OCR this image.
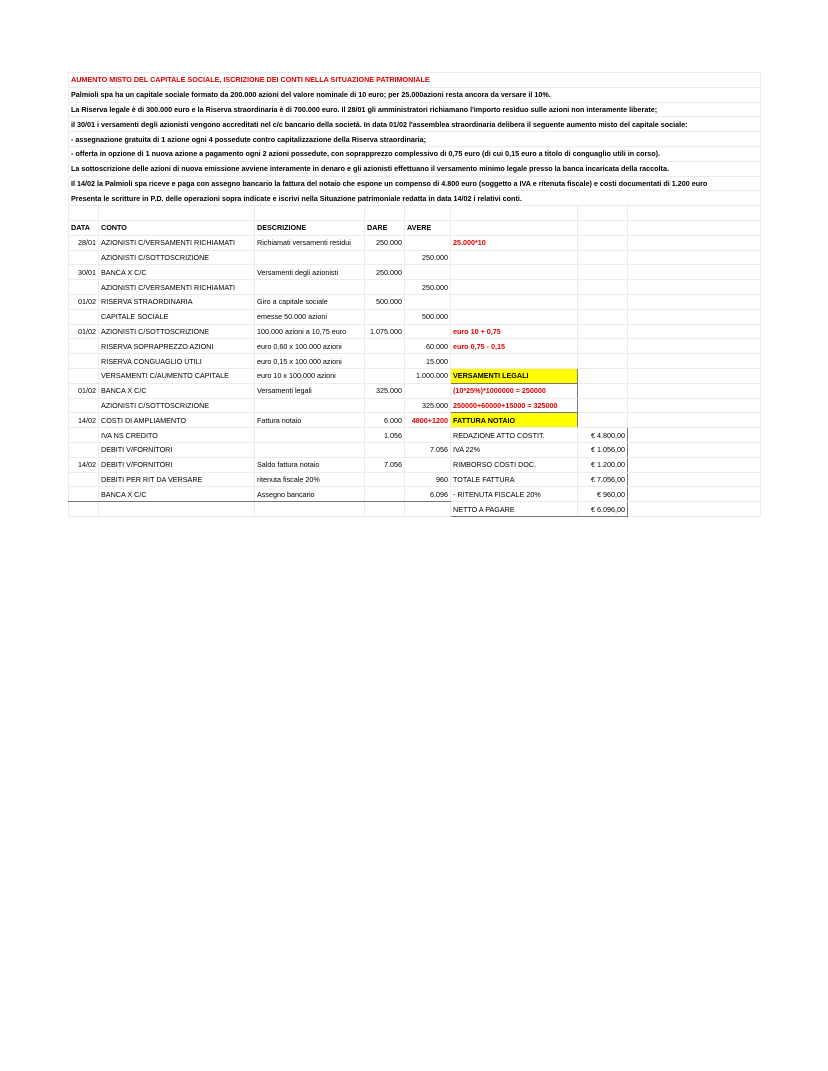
AUMENTO MISTO DEL CAPITALE SOCIALE, ISCRIZIONE DEI CONTI NELLA SITUAZIONE PATRIMONIALE							
Palmioli spa ha un capitale sociale formato da 200.000 azioni del valore nominale di 10 euro; per 25.000azioni resta ancora da versare il 10%.							
La Riserva legale è di 300.000 euro e la Riserva straordinaria è di 700.000 euro. Il 28/01 gli amministratori richiamano l'importo residuo sulle azioni non interamente liberate;							
il 30/01 i versamenti degli azionisti vengono accreditati nel c/c bancario della società. In data 01/02 l'assemblea straordinaria delibera il seguente aumento misto del capitale sociale:							
- assegnazione gratuita di 1 azione ogni 4 possedute contro capitalizzazione della Riserva straordinaria;							
- offerta in opzione di 1 nuova azione a pagamento ogni 2 azioni possedute, con soprapprezzo complessivo di 0,75 euro (di cui 0,15 euro a titolo di conguaglio utili in corso).							
La sottoscrizione delle azioni di nuova emissione avviene interamente in denaro e gli azionisti effettuano il versamento minimo legale presso la banca incaricata della raccolta.							
Il 14/02 la Palmioli spa riceve e paga con assegno bancario la fattura del notaio che espone un compenso di 4.800 euro (soggetto a IVA e ritenuta fiscale) e costi documentati di 1.200 euro							
Presenta le scritture in P.D. delle operazioni sopra indicate e iscrivi nella Situazione patrimoniale redatta in data 14/02 i relativi conti.							

DATA	CONTO	DESCRIZIONE	DARE	AVERE			
28/01	AZIONISTI C/VERSAMENTI RICHIAMATI	Richiamati versamenti residui	250.000		25.000*10		
	AZIONISTI C/SOTTOSCRIZIONE			250.000			
30/01	BANCA X C/C	Versamenti degli azionisti	250.000				
	AZIONISTI C/VERSAMENTI RICHIAMATI			250.000			
01/02	RISERVA STRAORDINARIA	Giro a capitale sociale	500.000				
	CAPITALE SOCIALE	emesse 50.000 azioni		500.000			
01/02	AZIONISTI C/SOTTOSCRIZIONE	100.000 azioni a 10,75 euro	1.075.000		euro 10 + 0,75		
	RISERVA SOPRAPREZZO AZIONI	euro 0,60 x 100.000 azioni		60.000	euro 0,75 - 0,15		
	RISERVA CONGUAGLIO UTILI	euro 0,15 x 100.000 azioni		15.000			
	VERSAMENTI C/AUMENTO CAPITALE	euro 10 x 100.000 azioni		1.000.000	VERSAMENTI LEGALI		
01/02	BANCA X C/C	Versamenti legali	325.000		(10*25%)*1000000 = 250000		
	AZIONISTI C/SOTTOSCRIZIONE			325.000	250000+60000+15000 = 325000		
14/02	COSTI DI AMPLIAMENTO	Fattura notaio	6.000	4800+1200	FATTURA NOTAIO		
	IVA NS CREDITO		1.056		REDAZIONE ATTO COSTIT.	€ 4.800,00	
	DEBITI V/FORNITORI			7.056	IVA 22%	€ 1.056,00	
14/02	DEBITI V/FORNITORI	Saldo fattura notaio	7.056		RIMBORSO COSTI DOC.	€ 1.200,00	
	DEBITI PER RIT DA VERSARE	ritenuta fiscale 20%		960	TOTALE FATTURA	€ 7.056,00	
	BANCA X C/C	Assegno bancario		6.096	- RITENUTA FISCALE 20%	€ 960,00	
					NETTO A PAGARE	€ 6.096,00	
